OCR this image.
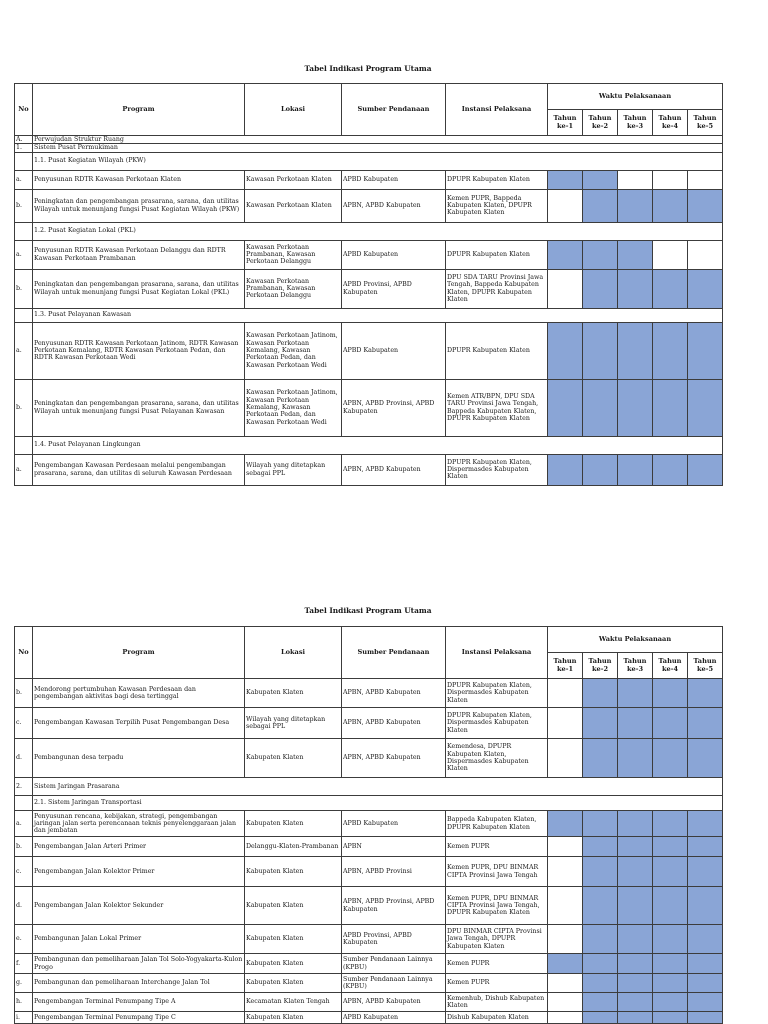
Tabel Indikasi Program Utama
No	Program	Lokasi	Sumber Pendanaan	Instansi Pelaksana	Waktu Pelaksanaan				
					Tahun ke-1	Tahun ke-2	Tahun ke-3	Tahun ke-4	Tahun ke-5
A.	Perwujudan Struktur Ruang								
1.	Sistem Pusat Permukiman								
	1.1. Pusat Kegiatan Wilayah (PKW)								
a.	Penyusunan RDTR Kawasan Perkotaan Klaten	Kawasan Perkotaan Klaten	APBD Kabupaten	DPUPR Kabupaten Klaten					
b.	Peningkatan dan pengembangan prasarana, sarana, dan utilitas Wilayah untuk menunjang fungsi Pusat Kegiatan Wilayah (PKW)	Kawasan Perkotaan Klaten	APBN, APBD Kabupaten	Kemen PUPR, Bappeda Kabupaten Klaten, DPUPR Kabupaten Klaten					
	1.2. Pusat Kegiatan Lokal (PKL)								
a.	Penyusunan RDTR Kawasan Perkotaan Delanggu dan RDTR Kawasan Perkotaan Prambanan	Kawasan Perkotaan Prambanan, Kawasan Perkotaan Delanggu	APBD Kabupaten	DPUPR Kabupaten Klaten					
b.	Peningkatan dan pengembangan prasarana, sarana, dan utilitas Wilayah untuk menunjang fungsi Pusat Kegiatan Lokal (PKL)	Kawasan Perkotaan Prambanan, Kawasan Perkotaan Delanggu	APBD Provinsi, APBD Kabupaten	DPU SDA TARU Provinsi Jawa Tengah, Bappeda Kabupaten Klaten, DPUPR Kabupaten Klaten					
	1.3. Pusat Pelayanan Kawasan								
a.	Penyusunan RDTR Kawasan Perkotaan Jatinom, RDTR Kawasan Perkotaan Kemalang, RDTR Kawasan Perkotaan Pedan, dan RDTR Kawasan Perkotaan Wedi	Kawasan Perkotaan Jatinom, Kawasan Perkotaan Kemalang, Kawasan Perkotaan Pedan, dan Kawasan Perkotaan Wedi	APBD Kabupaten	DPUPR Kabupaten Klaten					
b.	Peningkatan dan pengembangan prasarana, sarana, dan utilitas Wilayah untuk menunjang fungsi Pusat Pelayanan Kawasan	Kawasan Perkotaan Jatinom, Kawasan Perkotaan Kemalang, Kawasan Perkotaan Pedan, dan Kawasan Perkotaan Wedi	APBN, APBD Provinsi, APBD Kabupaten	Kemen ATR/BPN, DPU SDA TARU Provinsi Jawa Tengah, Bappeda Kabupaten Klaten, DPUPR Kabupaten Klaten					
	1.4. Pusat Pelayanan Lingkungan								
a.	Pengembangan Kawasan Perdesaan melalui pengembangan prasarana, sarana, dan utilitas di seluruh Kawasan Perdesaan	Wilayah yang ditetapkan sebagai PPL	APBN, APBD Kabupaten	DPUPR Kabupaten Klaten, Dispermasdes Kabupaten Klaten					
Tabel Indikasi Program Utama
No	Program	Lokasi	Sumber Pendanaan	Instansi Pelaksana	Waktu Pelaksanaan				
					Tahun ke-1	Tahun ke-2	Tahun ke-3	Tahun ke-4	Tahun ke-5
b.	Mendorong pertumbuhan Kawasan Perdesaan dan pengembangan aktivitas bagi desa tertinggal	Kabupaten Klaten	APBN, APBD Kabupaten	DPUPR Kabupaten Klaten, Dispermasdes Kabupaten Klaten					
c.	Pengembangan Kawasan Terpilih Pusat Pengembangan Desa	Wilayah yang ditetapkan sebagai PPL	APBN, APBD Kabupaten	DPUPR Kabupaten Klaten, Dispermasdes Kabupaten Klaten					
d.	Pembangunan desa terpadu	Kabupaten Klaten	APBN, APBD Kabupaten	Kemendesa, DPUPR Kabupaten Klaten, Dispermasdes Kabupaten Klaten					
2.	Sistem Jaringan Prasarana								
	2.1. Sistem Jaringan Transportasi								
a.	Penyusunan rencana, kebijakan, strategi, pengembangan jaringan jalan serta perencanaan teknis penyelenggaraan jalan dan jembatan	Kabupaten Klaten	APBD Kabupaten	Bappeda Kabupaten Klaten, DPUPR Kabupaten Klaten					
b.	Pengembangan Jalan Arteri Primer	Delanggu-Klaten-Prambanan	APBN	Kemen PUPR					
c.	Pengembangan Jalan Kolektor Primer	Kabupaten Klaten	APBN, APBD Provinsi	Kemen PUPR, DPU BINMAR CIPTA Provinsi Jawa Tengah					
d.	Pengembangan Jalan Kolektor Sekunder	Kabupaten Klaten	APBN, APBD Provinsi, APBD Kabupaten	Kemen PUPR, DPU BINMAR CIPTA Provinsi Jawa Tengah, DPUPR Kabupaten Klaten					
e.	Pembangunan Jalan Lokal Primer	Kabupaten Klaten	APBD Provinsi, APBD Kabupaten	DPU BINMAR CIPTA Provinsi Jawa Tengah, DPUPR Kabupaten Klaten					
f.	Pembangunan dan pemeliharaan Jalan Tol Solo-Yogyakarta-Kulon Progo	Kabupaten Klaten	Sumber Pendanaan Lainnya (KPBU)	Kemen PUPR					
g.	Pembangunan dan pemeliharaan Interchange Jalan Tol	Kabupaten Klaten	Sumber Pendanaan Lainnya (KPBU)	Kemen PUPR					
h.	Pengembangan Terminal Penumpang Tipe A	Kecamatan Klaten Tengah	APBN, APBD Kabupaten	Kemenhub, Dishub Kabupaten Klaten					
i.	Pengembangan Terminal Penumpang Tipe C	Kabupaten Klaten	APBD Kabupaten	Dishub Kabupaten Klaten					
